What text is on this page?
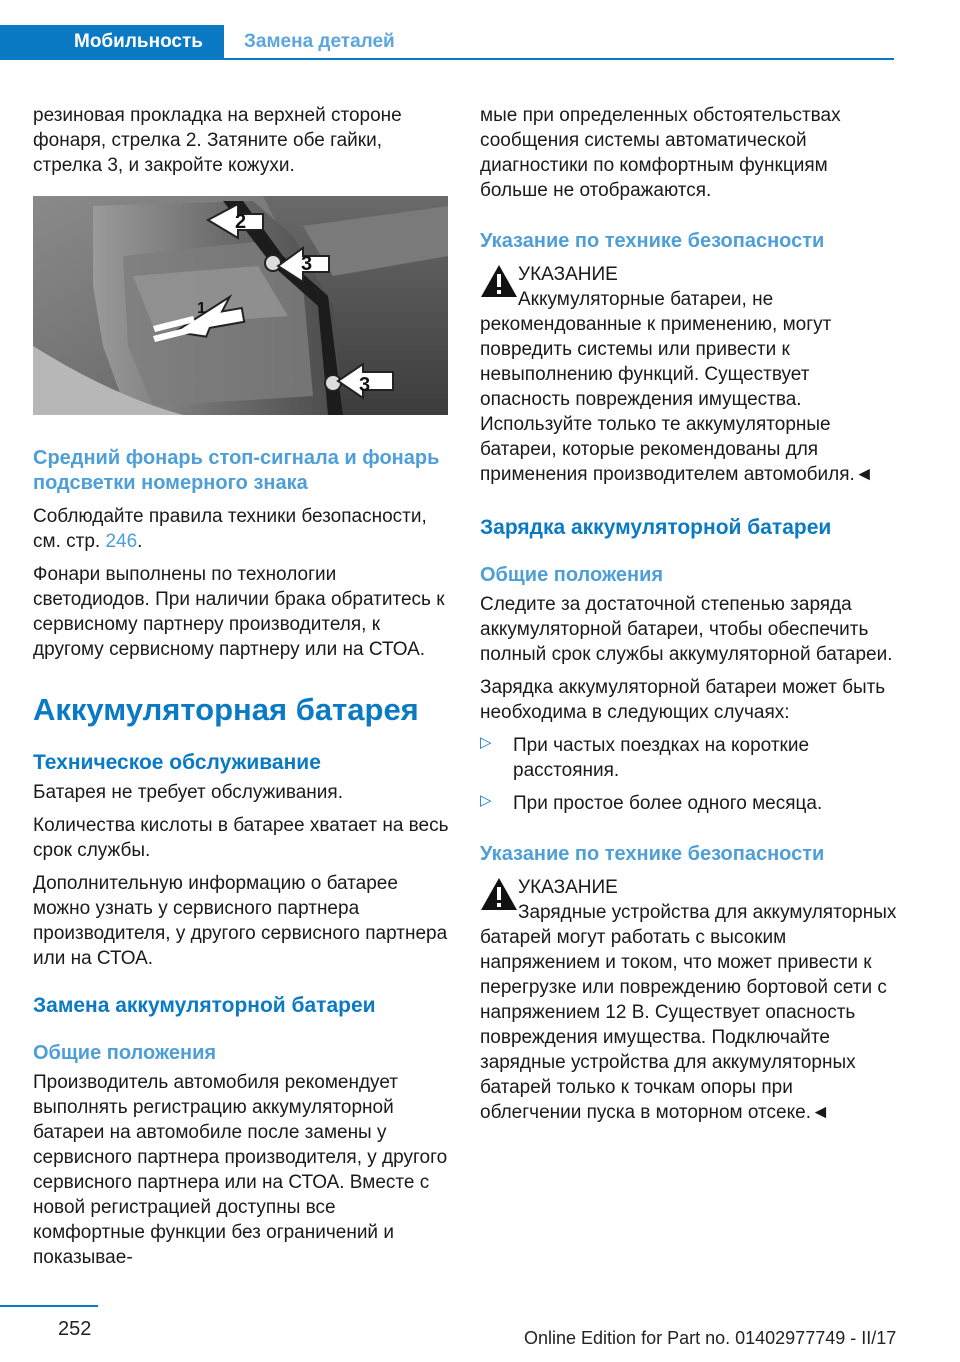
Мобильность Замена деталей

резиновая прокладка на верхней стороне фонаря, стрелка 2. Затяните обе гайки, стрелка 3, и закройте кожухи.

2
3
1
3
Средний фонарь стоп-сигнала и фонарь подсветки номерного знака

Соблюдайте правила техники безопасности, см. стр. 246.

Фонари выполнены по технологии светодиодов. При наличии брака обратитесь к сервисному партнеру производителя, к другому сервисному партнеру или на СТОА.

Аккумуляторная батарея
Техническое обслуживание

Батарея не требует обслуживания.

Количества кислоты в батарее хватает на весь срок службы.

Дополнительную информацию о батарее можно узнать у сервисного партнера производителя, у другого сервисного партнера или на СТОА.

Замена аккумуляторной батареи
Общие положения

Производитель автомобиля рекомендует выполнять регистрацию аккумуляторной батареи на автомобиле после замены у сервисного партнера производителя, у другого сервисного партнера или на СТОА. Вместе с новой регистрацией доступны все комфортные функции без ограничений и показывае-

мые при определенных обстоятельствах сообщения системы автоматической диагностики по комфортным функциям больше не отображаются.

Указание по технике безопасности

УКАЗАНИЕ

Аккумуляторные батареи, не рекомендованные к применению, могут повредить системы или привести к невыполнению функций. Существует опасность повреждения имущества. Используйте только те аккумуляторные батареи, которые рекомендованы для применения производителем автомобиля.◄

Зарядка аккумуляторной батареи
Общие положения

Следите за достаточной степенью заряда аккумуляторной батареи, чтобы обеспечить полный срок службы аккумуляторной батареи.

Зарядка аккумуляторной батареи может быть необходима в следующих случаях:

▷ При частых поездках на короткие расстояния.

▷ При простое более одного месяца.

Указание по технике безопасности

УКАЗАНИЕ

Зарядные устройства для аккумуляторных батарей могут работать с высоким напряжением и током, что может привести к перегрузке или повреждению бортовой сети с напряжением 12 В. Существует опасность повреждения имущества. Подключайте зарядные устройства для аккумуляторных батарей только к точкам опоры при облегчении пуска в моторном отсеке.◄

252	Online Edition for Part no. 01402977749 - II/17
